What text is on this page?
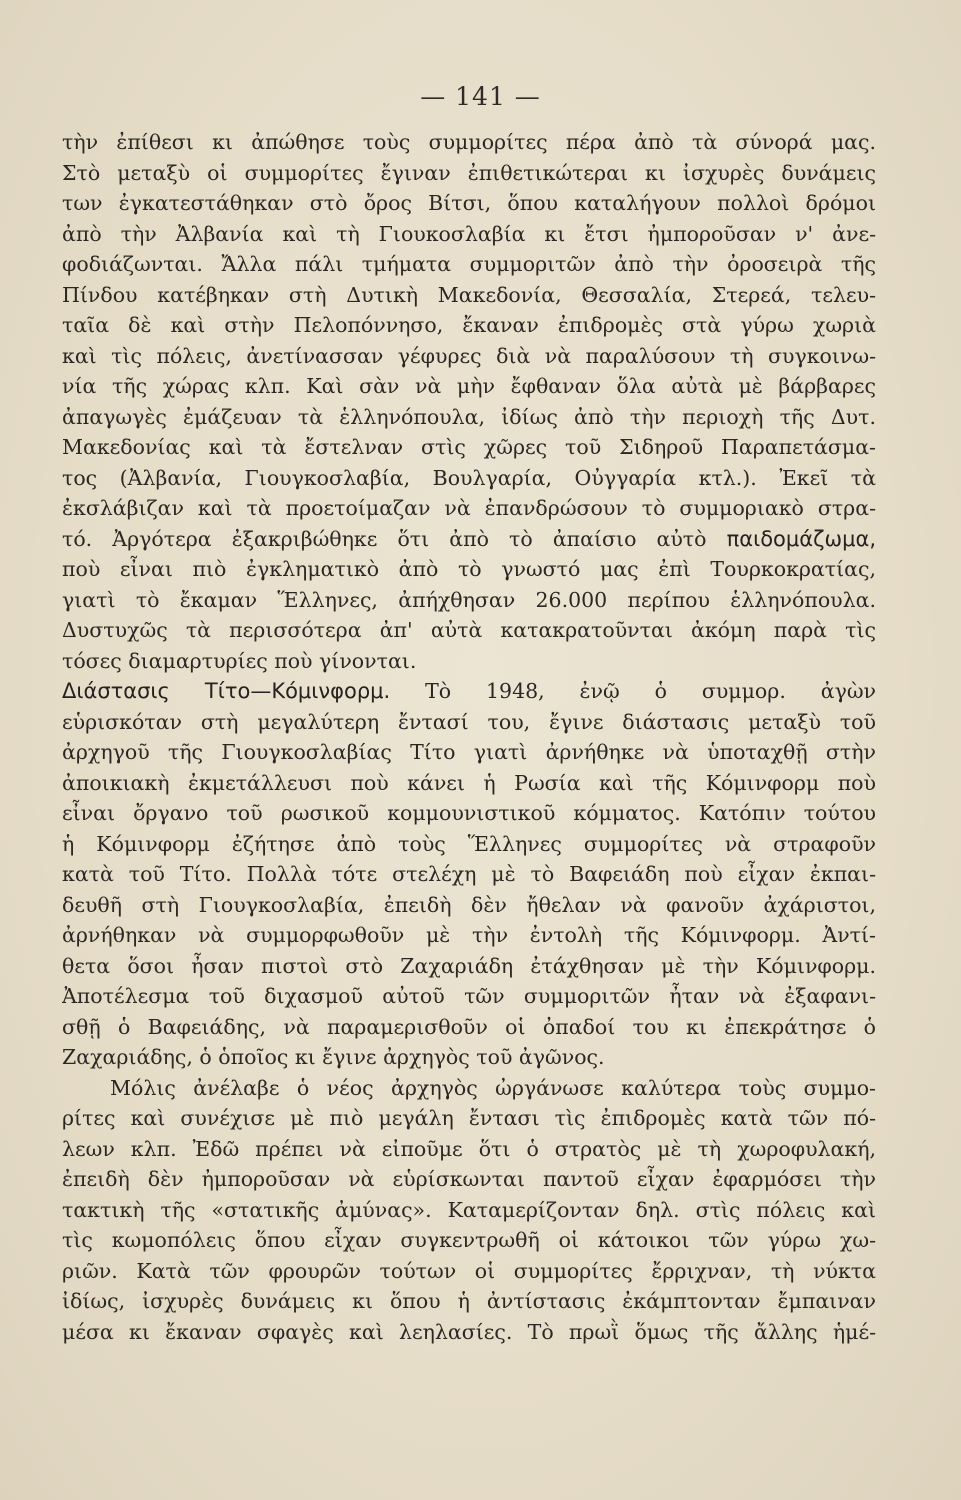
— 141 —
τὴν ἐπίθεσι κι ἀπώθησε τοὺς συμμορίτες πέρα ἀπὸ τὰ σύνορά μας.
Στὸ μεταξὺ οἱ συμμορίτες ἔγιναν ἐπιθετικώτεραι κι ἰσχυρὲς δυνάμεις
των ἐγκατεστάθηκαν στὸ ὄρος Βίτσι, ὅπου καταλήγουν πολλοὶ δρόμοι
ἀπὸ τὴν Ἀλβανία καὶ τὴ Γιουκοσλαβία κι ἔτσι ἠμποροῦσαν ν' ἀνε-
φοδιάζωνται. Ἄλλα πάλι τμήματα συμμοριτῶν ἀπὸ τὴν ὀροσειρὰ τῆς
Πίνδου κατέβηκαν στὴ Δυτικὴ Μακεδονία, Θεσσαλία, Στερεά, τελευ-
ταῖα δὲ καὶ στὴν Πελοπόννησο, ἔκαναν ἐπιδρομὲς στὰ γύρω χωριὰ
καὶ τὶς πόλεις, ἀνετίνασσαν γέφυρες διὰ νὰ παραλύσουν τὴ συγκοινω-
νία τῆς χώρας κλπ. Καὶ σὰν νὰ μὴν ἔφθαναν ὅλα αὐτὰ μὲ βάρβαρες
ἀπαγωγὲς ἐμάζευαν τὰ ἑλληνόπουλα, ἰδίως ἀπὸ τὴν περιοχὴ τῆς Δυτ.
Μακεδονίας καὶ τὰ ἔστελναν στὶς χῶρες τοῦ Σιδηροῦ Παραπετάσμα-
τος (Ἀλβανία, Γιουγκοσλαβία, Βουλγαρία, Οὐγγαρία κτλ.). Ἐκεῖ τὰ
ἐκσλάβιζαν καὶ τὰ προετοίμαζαν νὰ ἐπανδρώσουν τὸ συμμοριακὸ στρα-
τό. Ἀργότερα ἐξακριβώθηκε ὅτι ἀπὸ τὸ ἀπαίσιο αὐτὸ παιδομάζωμα,
ποὺ εἶναι πιὸ ἐγκληματικὸ ἀπὸ τὸ γνωστό μας ἐπὶ Τουρκοκρατίας,
γιατὶ τὸ ἔκαμαν Ἕλληνες, ἀπήχθησαν 26.000 περίπου ἑλληνόπουλα.
Δυστυχῶς τὰ περισσότερα ἀπ' αὐτὰ κατακρατοῦνται ἀκόμη παρὰ τὶς
τόσες διαμαρτυρίες ποὺ γίνονται.
Διάστασις Τίτο—Κόμινφορμ. Τὸ 1948, ἐνῷ ὁ συμμορ. ἀγὼν
εὑρισκόταν στὴ μεγαλύτερη ἔντασί του, ἔγινε διάστασις μεταξὺ τοῦ
ἀρχηγοῦ τῆς Γιουγκοσλαβίας Τίτο γιατὶ ἀρνήθηκε νὰ ὑποταχθῇ στὴν
ἀποικιακὴ ἐκμετάλλευσι ποὺ κάνει ἡ Ρωσία καὶ τῆς Κόμινφορμ ποὺ
εἶναι ὄργανο τοῦ ρωσικοῦ κομμουνιστικοῦ κόμματος. Κατόπιν τούτου
ἡ Κόμινφορμ ἐζήτησε ἀπὸ τοὺς Ἕλληνες συμμορίτες νὰ στραφοῦν
κατὰ τοῦ Τίτο. Πολλὰ τότε στελέχη μὲ τὸ Βαφειάδη ποὺ εἶχαν ἐκπαι-
δευθῆ στὴ Γιουγκοσλαβία, ἐπειδὴ δὲν ἤθελαν νὰ φανοῦν ἀχάριστοι,
ἀρνήθηκαν νὰ συμμορφωθοῦν μὲ τὴν ἐντολὴ τῆς Κόμινφορμ. Ἀντί-
θετα ὅσοι ἦσαν πιστοὶ στὸ Ζαχαριάδη ἐτάχθησαν μὲ τὴν Κόμινφορμ.
Ἀποτέλεσμα τοῦ διχασμοῦ αὐτοῦ τῶν συμμοριτῶν ἦταν νὰ ἐξαφανι-
σθῇ ὁ Βαφειάδης, νὰ παραμερισθοῦν οἱ ὀπαδοί του κι ἐπεκράτησε ὁ
Ζαχαριάδης, ὁ ὁποῖος κι ἔγινε ἀρχηγὸς τοῦ ἀγῶνος.
Μόλις ἀνέλαβε ὁ νέος ἀρχηγὸς ὠργάνωσε καλύτερα τοὺς συμμο-
ρίτες καὶ συνέχισε μὲ πιὸ μεγάλη ἔντασι τὶς ἐπιδρομὲς κατὰ τῶν πό-
λεων κλπ. Ἐδῶ πρέπει νὰ εἰποῦμε ὅτι ὁ στρατὸς μὲ τὴ χωροφυλακή,
ἐπειδὴ δὲν ἠμποροῦσαν νὰ εὑρίσκωνται παντοῦ εἶχαν ἐφαρμόσει τὴν
τακτικὴ τῆς «στατικῆς ἀμύνας». Καταμερίζονταν δηλ. στὶς πόλεις καὶ
τὶς κωμοπόλεις ὅπου εἶχαν συγκεντρωθῆ οἱ κάτοικοι τῶν γύρω χω-
ριῶν. Κατὰ τῶν φρουρῶν τούτων οἱ συμμορίτες ἔρριχναν, τὴ νύκτα
ἰδίως, ἰσχυρὲς δυνάμεις κι ὅπου ἡ ἀντίστασις ἐκάμπτονταν ἔμπαιναν
μέσα κι ἔκαναν σφαγὲς καὶ λεηλασίες. Τὸ πρωῒ ὅμως τῆς ἄλλης ἡμέ-
